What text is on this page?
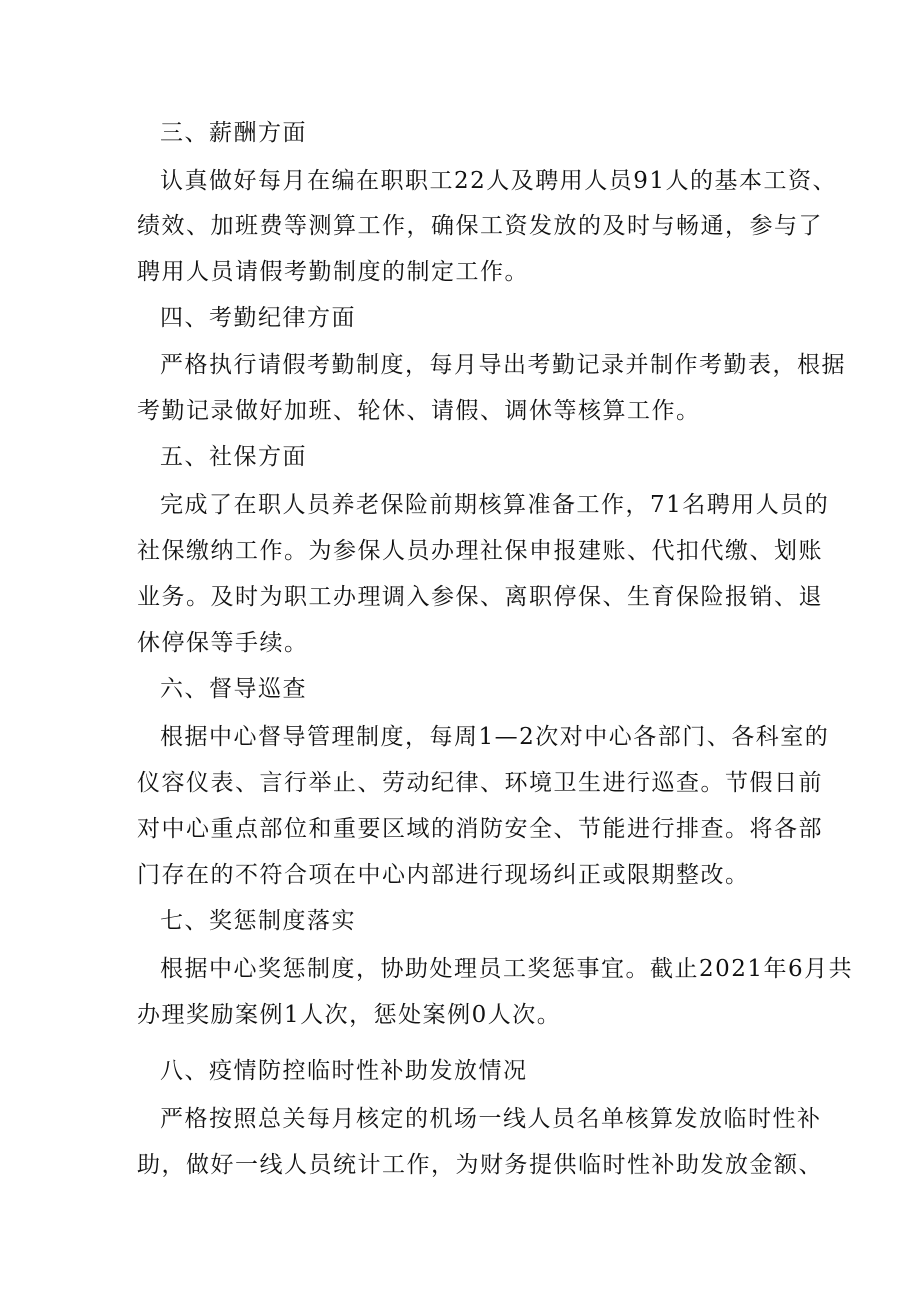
三、薪酬方面
认真做好每月在编在职职工22人及聘用人员91人的基本工资、
绩效、加班费等测算工作，确保工资发放的及时与畅通，参与了
聘用人员请假考勤制度的制定工作。
四、考勤纪律方面
严格执行请假考勤制度，每月导出考勤记录并制作考勤表，根据
考勤记录做好加班、轮休、请假、调休等核算工作。
五、社保方面
完成了在职人员养老保险前期核算准备工作，71名聘用人员的
社保缴纳工作。为参保人员办理社保申报建账、代扣代缴、划账
业务。及时为职工办理调入参保、离职停保、生育保险报销、退
休停保等手续。
六、督导巡查
根据中心督导管理制度，每周1—2次对中心各部门、各科室的
仪容仪表、言行举止、劳动纪律、环境卫生进行巡查。节假日前
对中心重点部位和重要区域的消防安全、节能进行排查。将各部
门存在的不符合项在中心内部进行现场纠正或限期整改。
七、奖惩制度落实
根据中心奖惩制度，协助处理员工奖惩事宜。截止2021年6月共
办理奖励案例1人次，惩处案例0人次。
八、疫情防控临时性补助发放情况
严格按照总关每月核定的机场一线人员名单核算发放临时性补
助，做好一线人员统计工作，为财务提供临时性补助发放金额、
